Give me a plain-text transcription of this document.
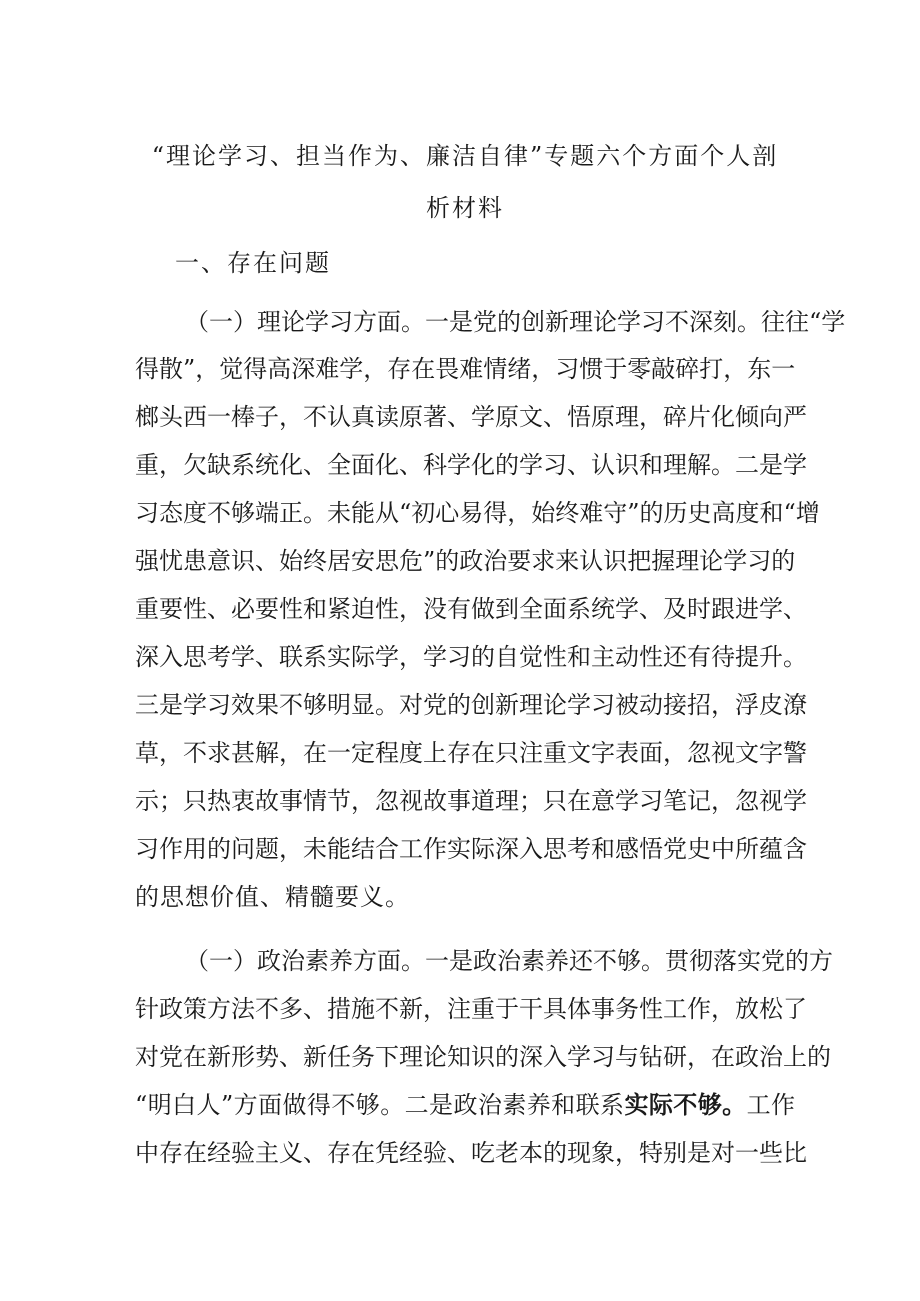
“理论学习、担当作为、廉洁自律”专题六个方面个人剖
析材料
一、存在问题
（一）理论学习方面。一是党的创新理论学习不深刻。往往“学
得散”，觉得高深难学，存在畏难情绪，习惯于零敲碎打，东一
榔头西一棒子，不认真读原著、学原文、悟原理，碎片化倾向严
重，欠缺系统化、全面化、科学化的学习、认识和理解。二是学
习态度不够端正。未能从“初心易得，始终难守”的历史高度和“增
强忧患意识、始终居安思危”的政治要求来认识把握理论学习的
重要性、必要性和紧迫性，没有做到全面系统学、及时跟进学、
深入思考学、联系实际学，学习的自觉性和主动性还有待提升。
三是学习效果不够明显。对党的创新理论学习被动接招，浮皮潦
草，不求甚解，在一定程度上存在只注重文字表面，忽视文字警
示；只热衷故事情节，忽视故事道理；只在意学习笔记，忽视学
习作用的问题，未能结合工作实际深入思考和感悟党史中所蕴含
的思想价值、精髓要义。
（一）政治素养方面。一是政治素养还不够。贯彻落实党的方
针政策方法不多、措施不新，注重于干具体事务性工作，放松了
对党在新形势、新任务下理论知识的深入学习与钻研，在政治上的
“明白人”方面做得不够。二是政治素养和联系实际不够。工作
中存在经验主义、存在凭经验、吃老本的现象，特别是对一些比
